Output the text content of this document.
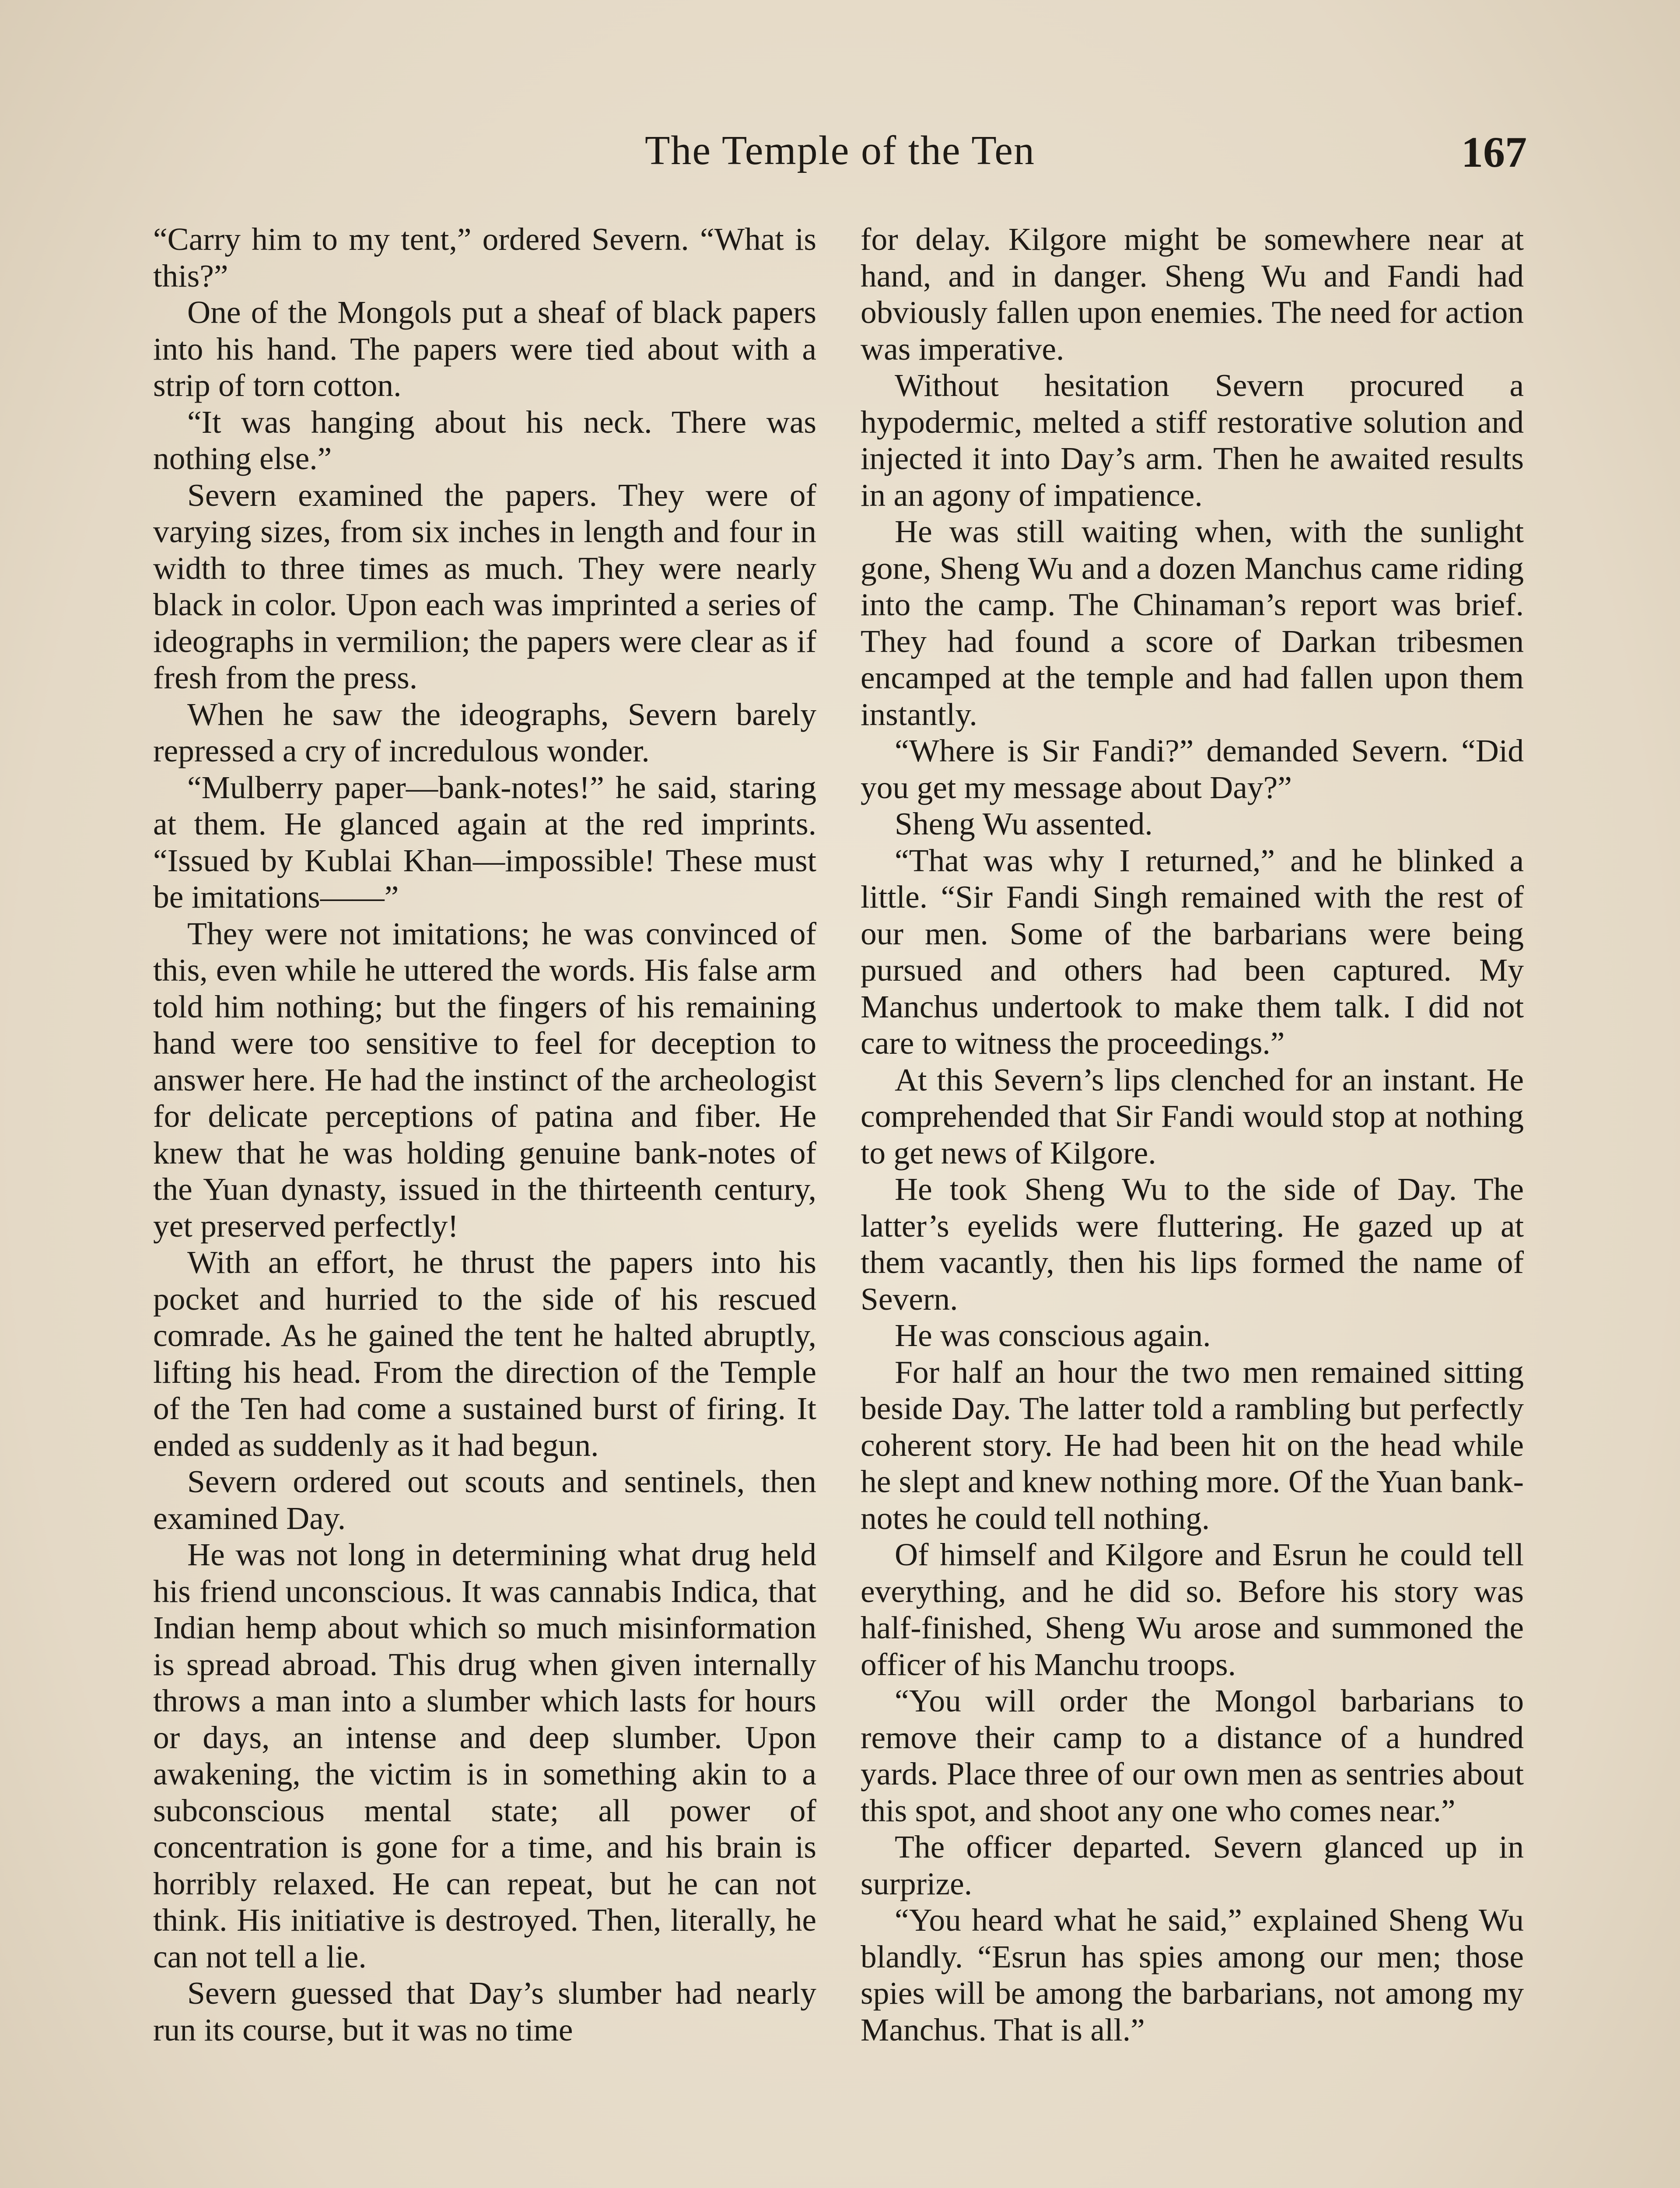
The Temple of the Ten	167

“Carry him to my tent,” ordered Severn. “What is this?”

One of the Mongols put a sheaf of black papers into his hand. The papers were tied about with a strip of torn cotton.

“It was hanging about his neck. There was nothing else.”

Severn examined the papers. They were of varying sizes, from six inches in length and four in width to three times as much. They were nearly black in color. Upon each was imprinted a series of ideographs in vermilion; the papers were clear as if fresh from the press.

When he saw the ideographs, Severn barely repressed a cry of incredulous wonder.

“Mulberry paper—bank-notes!” he said, staring at them. He glanced again at the red imprints. “Issued by Kublai Khan—impossible! These must be imitations——”

They were not imitations; he was convinced of this, even while he uttered the words. His false arm told him nothing; but the fingers of his remaining hand were too sensitive to feel for deception to answer here. He had the instinct of the archeologist for delicate perceptions of patina and fiber. He knew that he was holding genuine bank-notes of the Yuan dynasty, issued in the thirteenth century, yet preserved perfectly!

With an effort, he thrust the papers into his pocket and hurried to the side of his rescued comrade. As he gained the tent he halted abruptly, lifting his head. From the direction of the Temple of the Ten had come a sustained burst of firing. It ended as suddenly as it had begun.

Severn ordered out scouts and sentinels, then examined Day.

He was not long in determining what drug held his friend unconscious. It was cannabis Indica, that Indian hemp about which so much misinformation is spread abroad. This drug when given internally throws a man into a slumber which lasts for hours or days, an intense and deep slumber. Upon awakening, the victim is in something akin to a subconscious mental state; all power of concentration is gone for a time, and his brain is horribly relaxed. He can repeat, but he can not think. His initiative is destroyed. Then, literally, he can not tell a lie.

Severn guessed that Day’s slumber had nearly run its course, but it was no time

for delay. Kilgore might be somewhere near at hand, and in danger. Sheng Wu and Fandi had obviously fallen upon enemies. The need for action was imperative.

Without hesitation Severn procured a hypodermic, melted a stiff restorative solution and injected it into Day’s arm. Then he awaited results in an agony of impatience.

He was still waiting when, with the sunlight gone, Sheng Wu and a dozen Manchus came riding into the camp. The Chinaman’s report was brief. They had found a score of Darkan tribesmen encamped at the temple and had fallen upon them instantly.

“Where is Sir Fandi?” demanded Severn. “Did you get my message about Day?”

Sheng Wu assented.

“That was why I returned,” and he blinked a little. “Sir Fandi Singh remained with the rest of our men. Some of the barbarians were being pursued and others had been captured. My Manchus undertook to make them talk. I did not care to witness the proceedings.”

At this Severn’s lips clenched for an instant. He comprehended that Sir Fandi would stop at nothing to get news of Kilgore.

He took Sheng Wu to the side of Day. The latter’s eyelids were fluttering. He gazed up at them vacantly, then his lips formed the name of Severn.

He was conscious again.

For half an hour the two men remained sitting beside Day. The latter told a rambling but perfectly coherent story. He had been hit on the head while he slept and knew nothing more. Of the Yuan bank-notes he could tell nothing.

Of himself and Kilgore and Esrun he could tell everything, and he did so. Before his story was half-finished, Sheng Wu arose and summoned the officer of his Manchu troops.

“You will order the Mongol barbarians to remove their camp to a distance of a hundred yards. Place three of our own men as sentries about this spot, and shoot any one who comes near.”

The officer departed. Severn glanced up in surprize.

“You heard what he said,” explained Sheng Wu blandly. “Esrun has spies among our men; those spies will be among the barbarians, not among my Manchus. That is all.”
